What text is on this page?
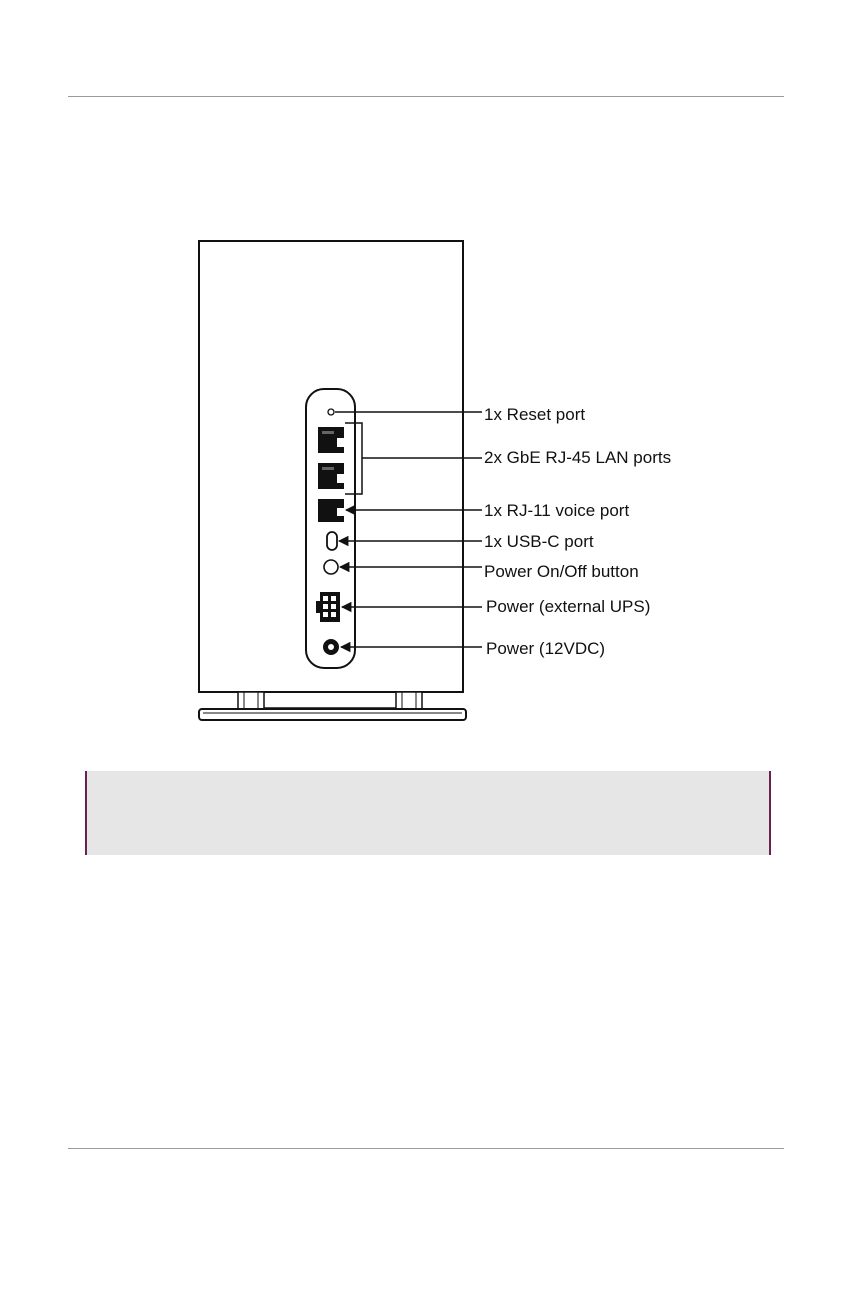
1x Reset port
2x GbE RJ-45 LAN ports
1x RJ-11 voice port
1x USB-C port
Power On/Off button
Power (external UPS)
Power (12VDC)
